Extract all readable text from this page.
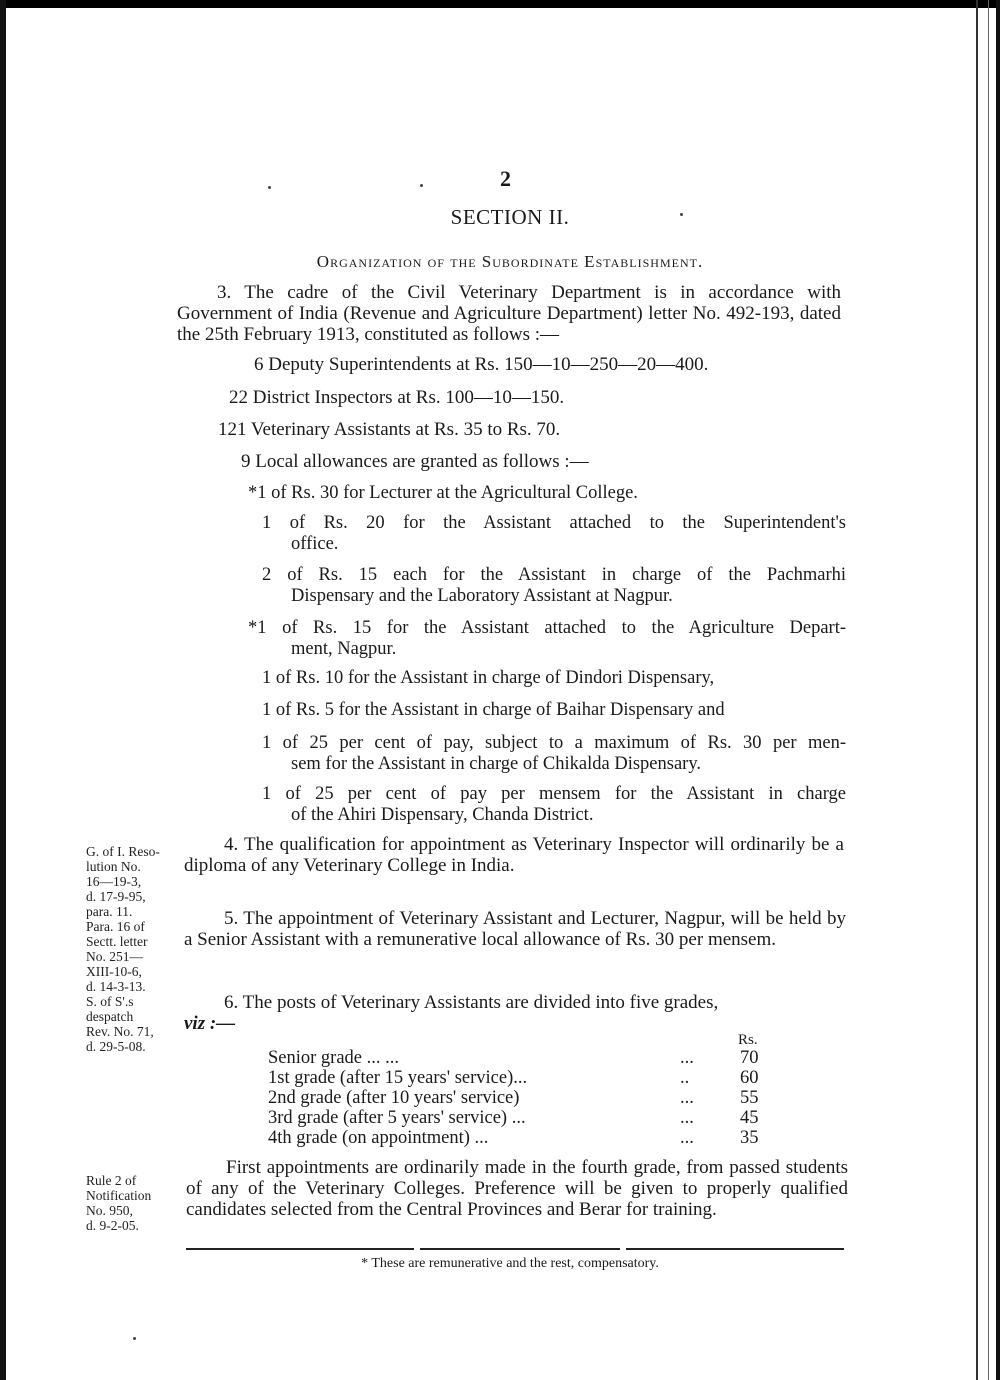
2
SECTION II.
Organization of the Subordinate Establishment.
3. The cadre of the Civil Veterinary Department is in accordance with Government of India (Revenue and Agriculture Department) letter No. 492-193, dated the 25th February 1913, constituted as follows :—
6 Deputy Superintendents at Rs. 150—10—250—20—400.
22 District Inspectors at Rs. 100—10—150.
121 Veterinary Assistants at Rs. 35 to Rs. 70.
9 Local allowances are granted as follows :—
*1 of Rs. 30 for Lecturer at the Agricultural College.
1 of Rs. 20 for the Assistant attached to the Superintendent's
office.
2 of Rs. 15 each for the Assistant in charge of the Pachmarhi
Dispensary and the Laboratory Assistant at Nagpur.
*1 of Rs. 15 for the Assistant attached to the Agriculture Depart-
ment, Nagpur.
1 of Rs. 10 for the Assistant in charge of Dindori Dispensary,
1 of Rs. 5 for the Assistant in charge of Baihar Dispensary and
1 of 25 per cent of pay, subject to a maximum of Rs. 30 per men-
sem for the Assistant in charge of Chikalda Dispensary.
1 of 25 per cent of pay per mensem for the Assistant in charge
of the Ahiri Dispensary, Chanda District.
G. of I. Reso-
lution No.
16—19-3,
d. 17-9-95,
para. 11.
Para. 16 of
Sectt. letter
No. 251—
XIII-10-6,
d. 14-3-13.
S. of S'.s
despatch
Rev. No. 71,
d. 29-5-08.
4. The qualification for appointment as Veterinary Inspector will ordinarily be a diploma of any Veterinary College in India.
5. The appointment of Veterinary Assistant and Lecturer, Nagpur, will be held by a Senior Assistant with a remunerative local allowance of Rs. 30 per mensem.
6. The posts of Veterinary Assistants are divided into five grades,
viz :—
Rs.
Senior grade ... ...	... 70
1st grade (after 15 years' service)...	..	60
2nd grade (after 10 years' service)	... 55
3rd grade (after 5 years' service) ...	... 45
4th grade (on appointment) ...	... 35
Rule 2 of
Notification
No. 950,
d. 9-2-05.
First appointments are ordinarily made in the fourth grade, from passed students of any of the Veterinary Colleges. Preference will be given to properly qualified candidates selected from the Central Provinces and Berar for training.
* These are remunerative and the rest, compensatory.
